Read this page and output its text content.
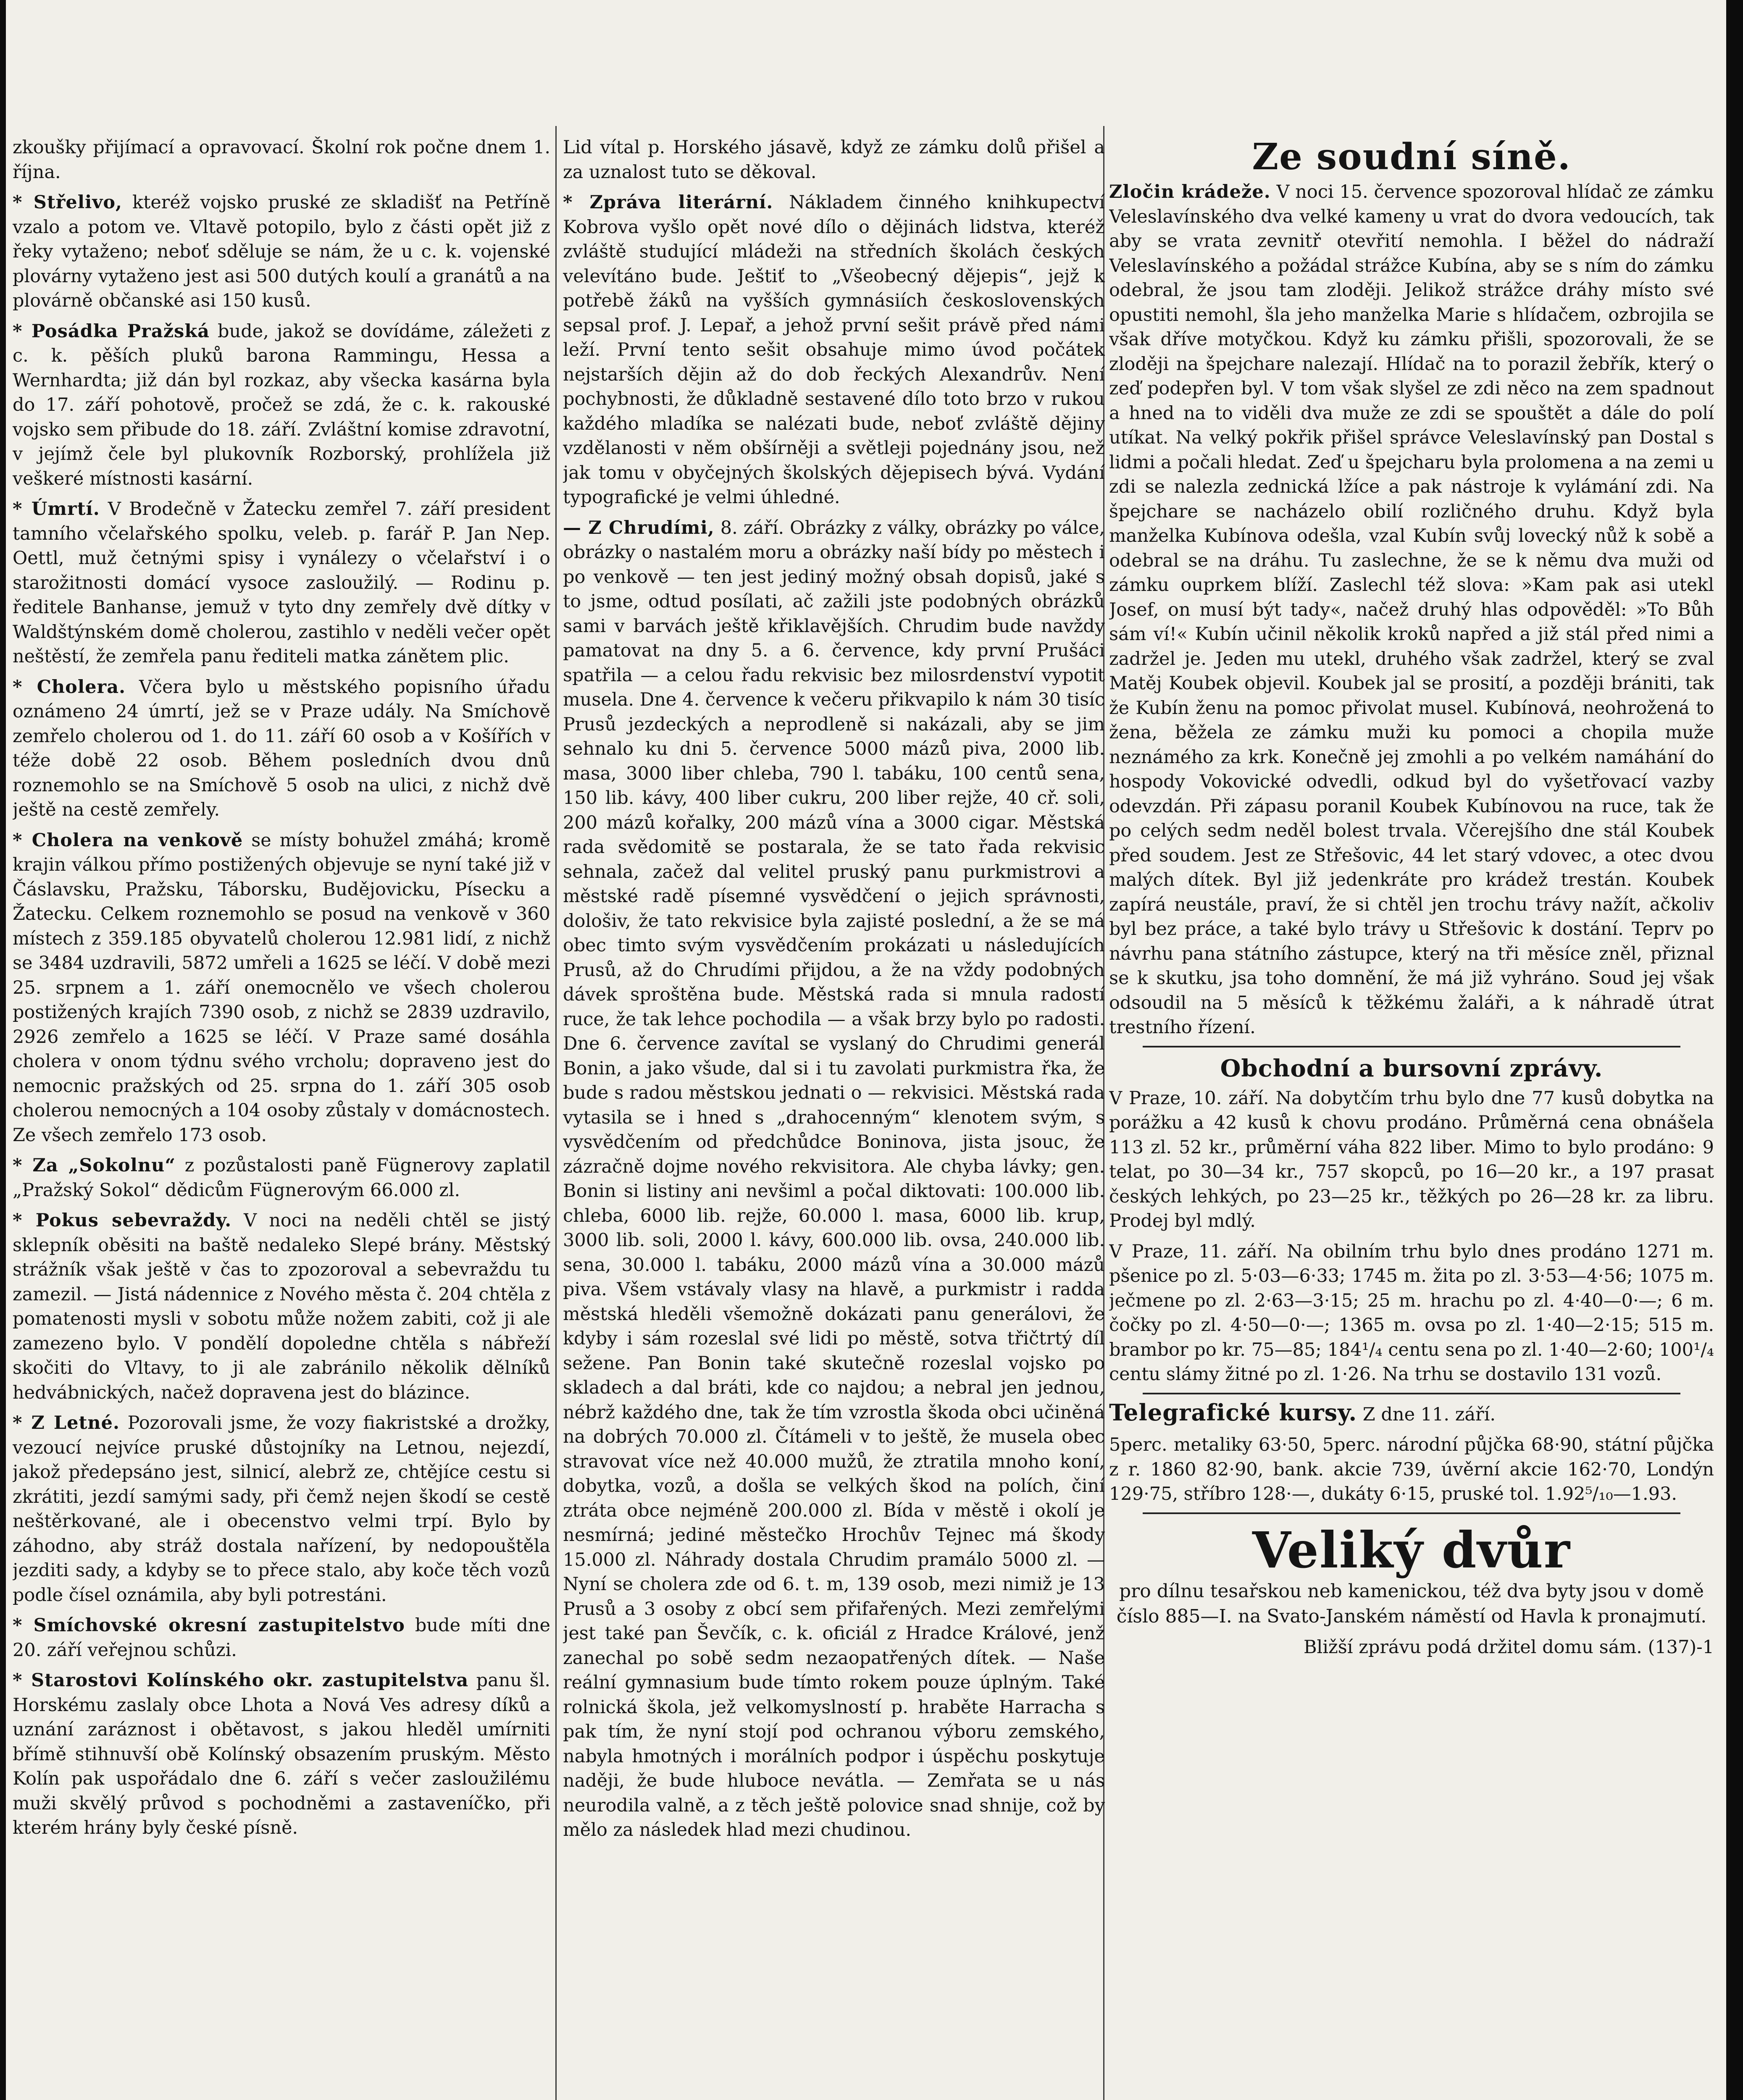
zkoušky přijímací a opravovací. Školní rok počne dnem 1. října.

* Střelivo, kteréž vojsko pruské ze skladišť na Petříně vzalo a potom ve. Vltavě potopilo, bylo z části opět již z řeky vytaženo; neboť sděluje se nám, že u c. k. vojenské plovárny vytaženo jest asi 500 dutých koulí a granátů a na plovárně občanské asi 150 kusů.

* Posádka Pražská bude, jakož se dovídáme, záležeti z c. k. pěších pluků barona Rammingu, Hessa a Wernhardta; již dán byl rozkaz, aby všecka kasárna byla do 17. září pohotově, pročež se zdá, že c. k. rakouské vojsko sem přibude do 18. září. Zvláštní komise zdravotní, v jejímž čele byl plukovník Rozborský, prohlížela již veškeré místnosti kasární.

* Úmrtí. V Brodečně v Žatecku zemřel 7. září president tamního včelařského spolku, veleb. p. farář P. Jan Nep. Oettl, muž četnými spisy i vynálezy o včelařství i o starožitnosti domácí vysoce zasloužilý. — Rodinu p. ředitele Banhanse, jemuž v tyto dny zemřely dvě dítky v Waldštýnském domě cholerou, zastihlo v neděli večer opět neštěstí, že zemřela panu řediteli matka zánětem plic.

* Cholera. Včera bylo u městského popisního úřadu oznámeno 24 úmrtí, jež se v Praze udály. Na Smíchově zemřelo cholerou od 1. do 11. září 60 osob a v Košířích v téže době 22 osob. Během posledních dvou dnů roznemohlo se na Smíchově 5 osob na ulici, z nichž dvě ještě na cestě zemřely.

* Cholera na venkově se místy bohužel zmáhá; kromě krajin válkou přímo postižených objevuje se nyní také již v Čáslavsku, Pražsku, Táborsku, Budějovicku, Písecku a Žatecku. Celkem roznemohlo se posud na venkově v 360 místech z 359.185 obyvatelů cholerou 12.981 lidí, z nichž se 3484 uzdravili, 5872 umřeli a 1625 se léčí. V době mezi 25. srpnem a 1. září onemocnělo ve všech cholerou postižených krajích 7390 osob, z nichž se 2839 uzdravilo, 2926 zemřelo a 1625 se léčí. V Praze samé dosáhla cholera v onom týdnu svého vrcholu; dopraveno jest do nemocnic pražských od 25. srpna do 1. září 305 osob cholerou nemocných a 104 osoby zůstaly v domácnostech. Ze všech zemřelo 173 osob.

* Za „Sokolnu“ z pozůstalosti paně Fügnerovy zaplatil „Pražský Sokol“ dědicům Fügnerovým 66.000 zl.

* Pokus sebevraždy. V noci na neděli chtěl se jistý sklepník oběsiti na baště nedaleko Slepé brány. Městský strážník však ještě v čas to zpozoroval a sebevraždu tu zamezil. — Jistá nádennice z Nového města č. 204 chtěla z pomatenosti mysli v sobotu může nožem zabiti, což ji ale zamezeno bylo. V pondělí dopoledne chtěla s nábřeží skočiti do Vltavy, to ji ale zabránilo několik dělníků hedvábnických, načež dopravena jest do blázince.

* Z Letné. Pozorovali jsme, že vozy fiakristské a drožky, vezoucí nejvíce pruské důstojníky na Letnou, nejezdí, jakož předepsáno jest, silnicí, alebrž ze, chtějíce cestu si zkrátiti, jezdí samými sady, při čemž nejen škodí se cestě neštěrkované, ale i obecenstvo velmi trpí. Bylo by záhodno, aby stráž dostala nařízení, by nedopouštěla jezditi sady, a kdyby se to přece stalo, aby koče těch vozů podle čísel oznámila, aby byli potrestáni.

* Smíchovské okresní zastupitelstvo bude míti dne 20. září veřejnou schůzi.

* Starostovi Kolínského okr. zastupitelstva panu šl. Horskému zaslaly obce Lhota a Nová Ves adresy díků a uznání zaráznost i obětavost, s jakou hleděl umírniti břímě stihnuvší obě Kolínský obsazením pruským. Město Kolín pak uspořádalo dne 6. září s večer zasloužilému muži skvělý průvod s pochodněmi a zastaveníčko, při kterém hrány byly české písně.

Lid vítal p. Horského jásavě, když ze zámku dolů přišel a za uznalost tuto se děkoval.

* Zpráva literární. Nákladem činného knihkupectví Kobrova vyšlo opět nové dílo o dějinách lidstva, kteréž zvláště studující mládeži na středních školách českých velevítáno bude. Ještiť to „Všeobecný dějepis“, jejž k potřebě žáků na vyšších gymnásiích československých sepsal prof. J. Lepař, a jehož první sešit právě před námi leží. První tento sešit obsahuje mimo úvod počátek nejstarších dějin až do dob řeckých Alexandrův. Není pochybnosti, že důkladně sestavené dílo toto brzo v rukou každého mladíka se nalézati bude, neboť zvláště dějiny vzdělanosti v něm obšírněji a světleji pojednány jsou, než jak tomu v obyčejných školských dějepisech bývá. Vydání typografické je velmi úhledné.

— Z Chrudími, 8. září. Obrázky z války, obrázky po válce, obrázky o nastalém moru a obrázky naší bídy po městech i po venkově — ten jest jediný možný obsah dopisů, jaké s to jsme, odtud posílati, ač zažili jste podobných obrázků sami v barvách ještě křiklavějších. Chrudim bude navždy pamatovat na dny 5. a 6. července, kdy první Prušáci spatřila — a celou řadu rekvisic bez milosrdenství vypotit musela. Dne 4. července k večeru přikvapilo k nám 30 tisíc Prusů jezdeckých a neprodleně si nakázali, aby se jim sehnalo ku dni 5. července 5000 mázů piva, 2000 lib. masa, 3000 liber chleba, 790 l. tabáku, 100 centů sena, 150 lib. kávy, 400 liber cukru, 200 liber rejže, 40 cř. soli, 200 mázů kořalky, 200 mázů vína a 3000 cigar. Městská rada svědomitě se postarala, že se tato řada rekvisic sehnala, začež dal velitel pruský panu purkmistrovi a městské radě písemné vysvědčení o jejich správnosti, dološiv, že tato rekvisice byla zajisté poslední, a že se má obec timto svým vysvědčením prokázati u následujících Prusů, až do Chrudími přijdou, a že na vždy podobných dávek sproštěna bude. Městská rada si mnula radostí ruce, že tak lehce pochodila — a však brzy bylo po radosti. Dne 6. července zavítal se vyslaný do Chrudimi generál Bonin, a jako všude, dal si i tu zavolati purkmistra řka, že bude s radou městskou jednati o — rekvisici. Městská rada vytasila se i hned s „drahocenným“ klenotem svým, s vysvědčením od předchůdce Boninova, jista jsouc, že zázračně dojme nového rekvisitora. Ale chyba lávky; gen. Bonin si listiny ani nevšiml a počal diktovati: 100.000 lib. chleba, 6000 lib. rejže, 60.000 l. masa, 6000 lib. krup, 3000 lib. soli, 2000 l. kávy, 600.000 lib. ovsa, 240.000 lib. sena, 30.000 l. tabáku, 2000 mázů vína a 30.000 mázů piva. Všem vstávaly vlasy na hlavě, a purkmistr i radda městská hleděli všemožně dokázati panu generálovi, že kdyby i sám rozeslal své lidi po městě, sotva třičtrtý díl sežene. Pan Bonin také skutečně rozeslal vojsko po skladech a dal bráti, kde co najdou; a nebral jen jednou, nébrž každého dne, tak že tím vzrostla škoda obci učiněná na dobrých 70.000 zl. Čítámeli v to ještě, že musela obec stravovat více než 40.000 mužů, že ztratila mnoho koní, dobytka, vozů, a došla se velkých škod na polích, činí ztráta obce nejméně 200.000 zl. Bída v městě i okolí je nesmírná; jediné městečko Hrochův Tejnec má škody 15.000 zl. Náhrady dostala Chrudim pramálo 5000 zl. — Nyní se cholera zde od 6. t. m, 139 osob, mezi nimiž je 13 Prusů a 3 osoby z obcí sem přifařených. Mezi zemřelými jest také pan Ševčík, c. k. oficiál z Hradce Králové, jenž zanechal po sobě sedm nezaopatřených dítek. — Naše reální gymnasium bude tímto rokem pouze úplným. Také rolnická škola, jež velkomyslností p. hraběte Harracha s pak tím, že nyní stojí pod ochranou výboru zemského, nabyla hmotných i morálních podpor i úspěchu poskytuje naději, že bude hluboce nevátla. — Zemřata se u nás neurodila valně, a z těch ještě polovice snad shnije, což by mělo za následek hlad mezi chudinou.

Ze soudní síně.

Zločin krádeže. V noci 15. července spozoroval hlídač ze zámku Veleslavínského dva velké kameny u vrat do dvora vedoucích, tak aby se vrata zevnitř otevřití nemohla. I běžel do nádraží Veleslavínského a požádal strážce Kubína, aby se s ním do zámku odebral, že jsou tam zloději. Jelikož strážce dráhy místo své opustiti nemohl, šla jeho manželka Marie s hlídačem, ozbrojila se však dříve motyčkou. Když ku zámku přišli, spozorovali, že se zloději na špejcharе nalezají. Hlídač na to porazil žebřík, který o zeď podepřen byl. V tom však slyšel ze zdi něco na zem spadnout a hned na to viděli dva muže ze zdi se spouštět a dále do polí utíkat. Na velký pokřik přišel správce Veleslavínský pan Dostal s lidmi a počali hledat. Zeď u špejcharu byla prolomena a na zemi u zdi se nalezla zednická lžíce a pak nástroje k vylámání zdi. Na špejcharе se nacházelo obilí rozličného druhu. Když byla manželka Kubínova odešla, vzal Kubín svůj lovecký nůž k sobě a odebral se na dráhu. Tu zaslechne, že se k němu dva muži od zámku ouprkem blíží. Zaslechl též slova: »Kam pak asi utekl Josef, on musí být tady«, načež druhý hlas odpověděl: »To Bůh sám ví!« Kubín učinil několik kroků napřed a již stál před nimi a zadržel je. Jeden mu utekl, druhého však zadržel, který se zval Matěj Koubek objevil. Koubek jal se prosití, a později brániti, tak že Kubín ženu na pomoc přivolat musel. Kubínová, neohrožená to žena, běžela ze zámku muži ku pomoci a chopila muže neznámého za krk. Konečně jej zmohli a po velkém namáhání do hospody Vokovické odvedli, odkud byl do vyšetřovací vazby odevzdán. Při zápasu poranil Koubek Kubínovou na ruce, tak že po celých sedm neděl bolest trvala. Včerejšího dne stál Koubek před soudem. Jest ze Střešovic, 44 let starý vdovec, a otec dvou malých dítek. Byl již jedenkráte pro krádež trestán. Koubek zapírá neustále, praví, že si chtěl jen trochu trávy nažít, ačkoliv byl bez práce, a také bylo trávy u Střešovic k dostání. Teprv po návrhu pana státního zástupce, který na tři měsíce zněl, přiznal se k skutku, jsa toho domnění, že má již vyhráno. Soud jej však odsoudil na 5 měsíců k těžkému žaláři, a k náhradě útrat trestního řízení.

Obchodní a bursovní zprávy.

V Praze, 10. září. Na dobytčím trhu bylo dne 77 kusů dobytka na porážku a 42 kusů k chovu prodáno. Průměrná cena obnášela 113 zl. 52 kr., průměrní váha 822 liber. Mimo to bylo prodáno: 9 telat, po 30—34 kr., 757 skopců, po 16—20 kr., a 197 prasat českých lehkých, po 23—25 kr., těžkých po 26—28 kr. za libru. Prodej byl mdlý.

V Praze, 11. září. Na obilním trhu bylo dnes prodáno 1271 m. pšenice po zl. 5·03—6·33; 1745 m. žita po zl. 3·53—4·56; 1075 m. ječmene po zl. 2·63—3·15; 25 m. hrachu po zl. 4·40—0·—; 6 m. čočky po zl. 4·50—0·—; 1365 m. ovsa po zl. 1·40—2·15; 515 m. brambor po kr. 75—85; 184¹/₄ centu sena po zl. 1·40—2·60; 100¹/₄ centu slámy žitné po zl. 1·26. Na trhu se dostavilo 131 vozů.

Telegrafické kursy. Z dne 11. září.

5perc. metaliky 63·50, 5perc. národní půjčka 68·90, státní půjčka z r. 1860 82·90, bank. akcie 739, úvěrní akcie 162·70, Londýn 129·75, stříbro 128·—, dukáty 6·15, pruské tol. 1.92⁵/₁₀—1.93.

Veliký dvůr

pro dílnu tesařskou neb kamenickou, též dva byty jsou v domě číslo 885—I. na Svato-Janském náměstí od Havla k pronajmutí.

Bližší zprávu podá držitel domu sám. (137)-1
